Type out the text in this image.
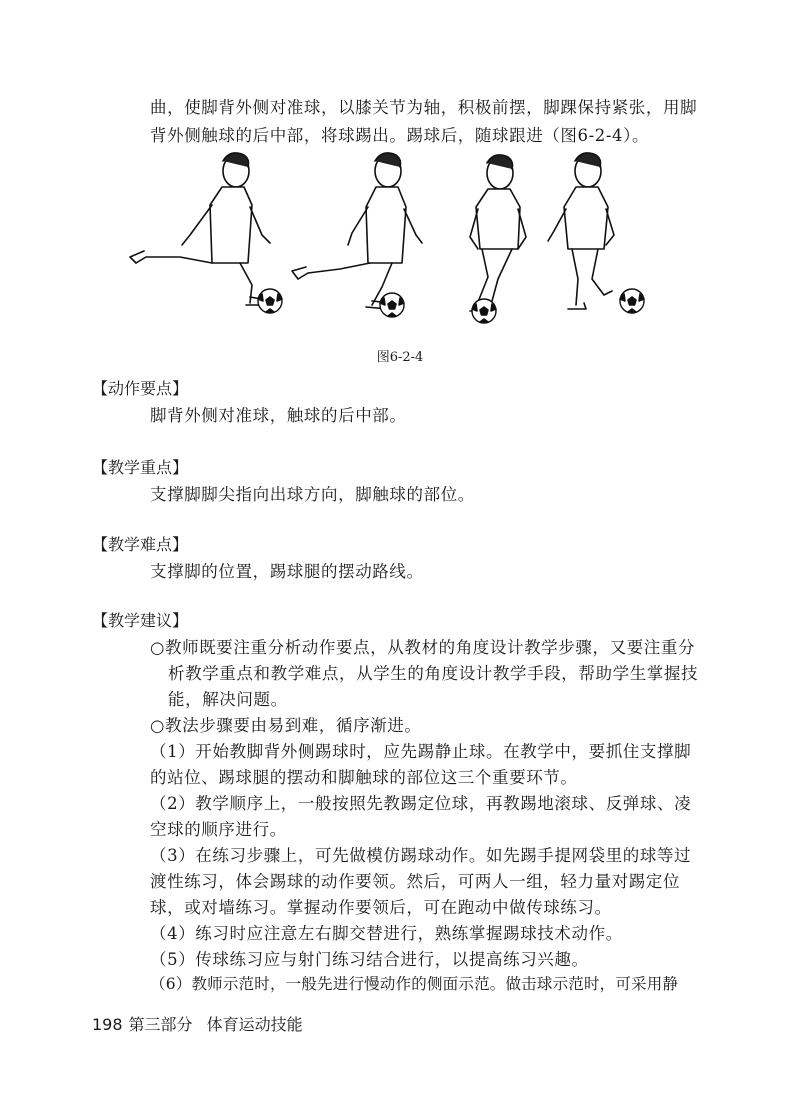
曲，使脚背外侧对准球，以膝关节为轴，积极前摆，脚踝保持紧张，用脚
背外侧触球的后中部，将球踢出。踢球后，随球跟进（图6-2-4）。
图6-2-4
【动作要点】
脚背外侧对准球，触球的后中部。
【教学重点】
支撑脚脚尖指向出球方向，脚触球的部位。
【教学难点】
支撑脚的位置，踢球腿的摆动路线。
【教学建议】
○教师既要注重分析动作要点，从教材的角度设计教学步骤，又要注重分
析教学重点和教学难点，从学生的角度设计教学手段，帮助学生掌握技
能，解决问题。
○教法步骤要由易到难，循序渐进。
（1）开始教脚背外侧踢球时，应先踢静止球。在教学中，要抓住支撑脚
的站位、踢球腿的摆动和脚触球的部位这三个重要环节。
（2）教学顺序上，一般按照先教踢定位球，再教踢地滚球、反弹球、凌
空球的顺序进行。
（3）在练习步骤上，可先做模仿踢球动作。如先踢手提网袋里的球等过
渡性练习，体会踢球的动作要领。然后，可两人一组，轻力量对踢定位
球，或对墙练习。掌握动作要领后，可在跑动中做传球练习。
（4）练习时应注意左右脚交替进行，熟练掌握踢球技术动作。
（5）传球练习应与射门练习结合进行，以提高练习兴趣。
（6）教师示范时，一般先进行慢动作的侧面示范。做击球示范时，可采用静
198 第三部分 体育运动技能
